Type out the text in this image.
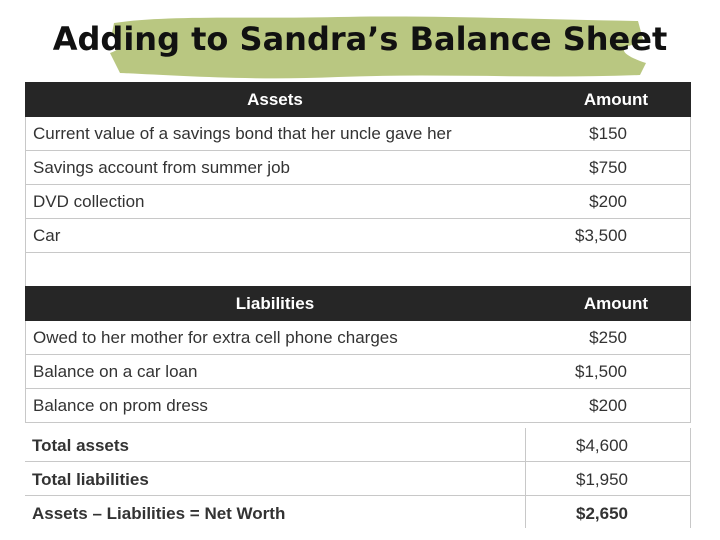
Adding to Sandra’s Balance Sheet
Assets	Amount
Current value of a savings bond that her uncle gave her	$150
Savings account from summer job	$750
DVD collection	$200
Car	$3,500
Liabilities	Amount
Owed to her mother for extra cell phone charges	$250
Balance on a car loan	$1,500
Balance on prom dress	$200
Total assets	$4,600
Total liabilities	$1,950
Assets – Liabilities = Net Worth	$2,650
